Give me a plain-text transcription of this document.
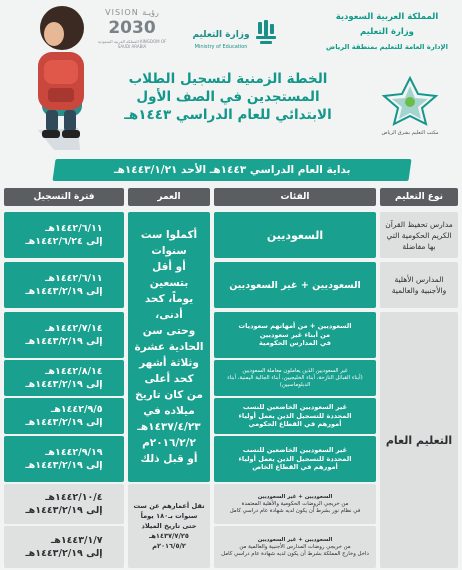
المملكة العربية السعودية
وزارة التعليم
الإدارة العامة للتعليم بمنطقة الرياض
وزارة التعليم
Ministry of Education
VISION رؤيـة
2030
المملكة العربية السعودية KINGDOM OF SAUDI ARABIA
الخطة الزمنية لتسجيل الطلاب
المستجدين في الصف الأول
الابتدائي للعام الدراسي ١٤٤٣هـ
مكتب التعليم بشرق الرياض
بداية العام الدراسي ١٤٤٣هـ الأحد ١٤٤٣/١/٢١هـ
نوع التعليم
الفئات
العمر
فترة التسجيل
مدارس تحفيظ القرآن الكريم الحكومية التي بها مفاضلة
المدارس الأهلية والأجنبية والعالمية
التعليم العام
السعوديين
السعوديين + غير السعوديين
السعوديين + من أمهاتهم سعوديات
من أبناء غير سعوديين
في المدارس الحكومية
غير السعوديين الذين يعاملون معاملة السعوديين
(أبناء القبائل النازحة، أبناء الخليجيين، أبناء الجالية اليمنية، أبناء الدبلوماسيين)
غير السعوديين الخاضعين للنسب
المحددة للتسجيل الذين يعمل أولياء
أمورهم في القطاع الحكومي
غير السعوديين الخاضعين للنسب
المحددة للتسجيل الذين يعمل أولياء
أمورهم في القطاع الخاص
السعوديين + غير السعوديين
من خريجي الروضات الحكومية والأهلية المعتمدة
في نظام نور بشرط أن يكون لديه شهادة عام دراسي كامل
السعوديين + غير السعوديين
من خريجي روضات المدارس الأجنبية والعالمية من
داخل وخارج المملكة بشرط أن يكون لديه شهادة عام دراسي كامل
أكملوا ست
سنوات
أو أقل بتسعين
يوماً، كحد أدنى،
وحتى سن
الحادية عشرة
وثلاثة أشهر
كحد أعلى
من كان تاريخ
ميلاده في
١٤٣٧/٤/٢٣هـ
٢٠١٦/٢/٢م
أو قبل ذلك
تقل أعمارهم عن ست
سنوات بـ١٨٠ يوماً
حتى تاريخ الميلاد
١٤٣٧/٧/٢٥هـ
٢٠١٦/٥/٢م
١٤٤٢/٦/١١هـ
إلى ١٤٤٢/٦/٢٤هـ
١٤٤٢/٦/١١هـ
إلى ١٤٤٣/٢/١٩هـ
١٤٤٢/٧/١٤هـ
إلى ١٤٤٣/٢/١٩هـ
١٤٤٢/٨/١٤هـ
إلى ١٤٤٣/٢/١٩هـ
١٤٤٢/٩/٥هـ
إلى ١٤٤٣/٢/١٩هـ
١٤٤٢/٩/١٩هـ
إلى ١٤٤٣/٢/١٩هـ
١٤٤٢/١٠/٤هـ
إلى ١٤٤٣/٢/١٩هـ
١٤٤٣/١/٧هـ
إلى ١٤٤٣/٢/١٩هـ
